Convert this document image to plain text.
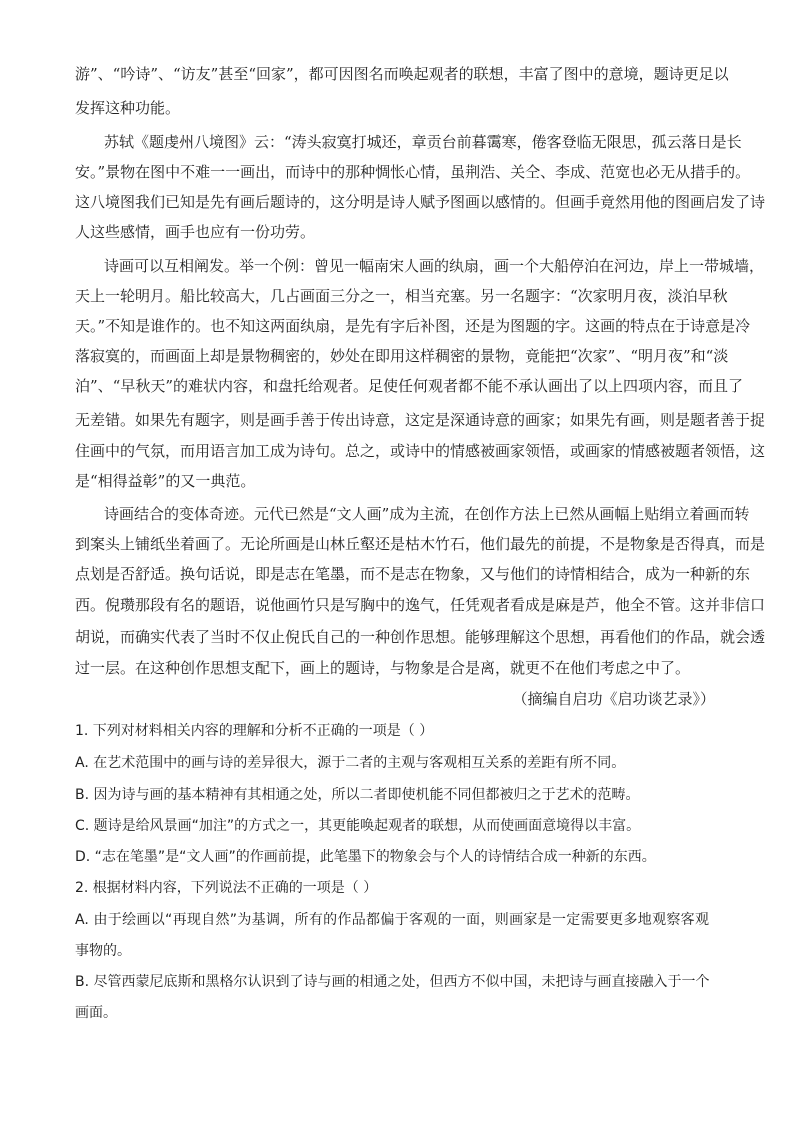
游”、“吟诗”、“访友”甚至“回家”，都可因图名而唤起观者的联想，丰富了图中的意境，题诗更足以
发挥这种功能。
苏轼《题虔州八境图》云：“涛头寂寞打城还，章贡台前暮霭寒，倦客登临无限思，孤云落日是长
安。”景物在图中不难一一画出，而诗中的那种惆怅心情，虽荆浩、关仝、李成、范宽也必无从措手的。
这八境图我们已知是先有画后题诗的，这分明是诗人赋予图画以感情的。但画手竟然用他的图画启发了诗
人这些感情，画手也应有一份功劳。
诗画可以互相阐发。举一个例：曾见一幅南宋人画的纨扇，画一个大船停泊在河边，岸上一带城墙，
天上一轮明月。船比较高大，几占画面三分之一，相当充塞。另一名题字：“次家明月夜，淡泊早秋
天。”不知是谁作的。也不知这两面纨扇，是先有字后补图，还是为图题的字。这画的特点在于诗意是冷
落寂寞的，而画面上却是景物稠密的，妙处在即用这样稠密的景物，竟能把“次家”、“明月夜”和“淡
泊”、“早秋天”的难状内容，和盘托给观者。足使任何观者都不能不承认画出了以上四项内容，而且了
无差错。如果先有题字，则是画手善于传出诗意，这定是深通诗意的画家；如果先有画，则是题者善于捉
住画中的气氛，而用语言加工成为诗句。总之，或诗中的情感被画家领悟，或画家的情感被题者领悟，这
是“相得益彰”的又一典范。
诗画结合的变体奇迹。元代已然是“文人画”成为主流，在创作方法上已然从画幅上贴绢立着画而转
到案头上铺纸坐着画了。无论所画是山林丘壑还是枯木竹石，他们最先的前提，不是物象是否得真，而是
点划是否舒适。换句话说，即是志在笔墨，而不是志在物象，又与他们的诗情相结合，成为一种新的东
西。倪瓒那段有名的题语，说他画竹只是写胸中的逸气，任凭观者看成是麻是芦，他全不管。这并非信口
胡说，而确实代表了当时不仅止倪氏自己的一种创作思想。能够理解这个思想，再看他们的作品，就会透
过一层。在这种创作思想支配下，画上的题诗，与物象是合是离，就更不在他们考虑之中了。
（摘编自启功《启功谈艺录》）
1. 下列对材料相关内容的理解和分析不正确的一项是（ ）
A. 在艺术范围中的画与诗的差异很大，源于二者的主观与客观相互关系的差距有所不同。
B. 因为诗与画的基本精神有其相通之处，所以二者即使机能不同但都被归之于艺术的范畴。
C. 题诗是给风景画“加注”的方式之一，其更能唤起观者的联想，从而使画面意境得以丰富。
D. “志在笔墨”是“文人画”的作画前提，此笔墨下的物象会与个人的诗情结合成一种新的东西。
2. 根据材料内容，下列说法不正确的一项是（ ）
A. 由于绘画以“再现自然”为基调，所有的作品都偏于客观的一面，则画家是一定需要更多地观察客观
事物的。
B. 尽管西蒙尼底斯和黑格尔认识到了诗与画的相通之处，但西方不似中国，未把诗与画直接融入于一个
画面。
